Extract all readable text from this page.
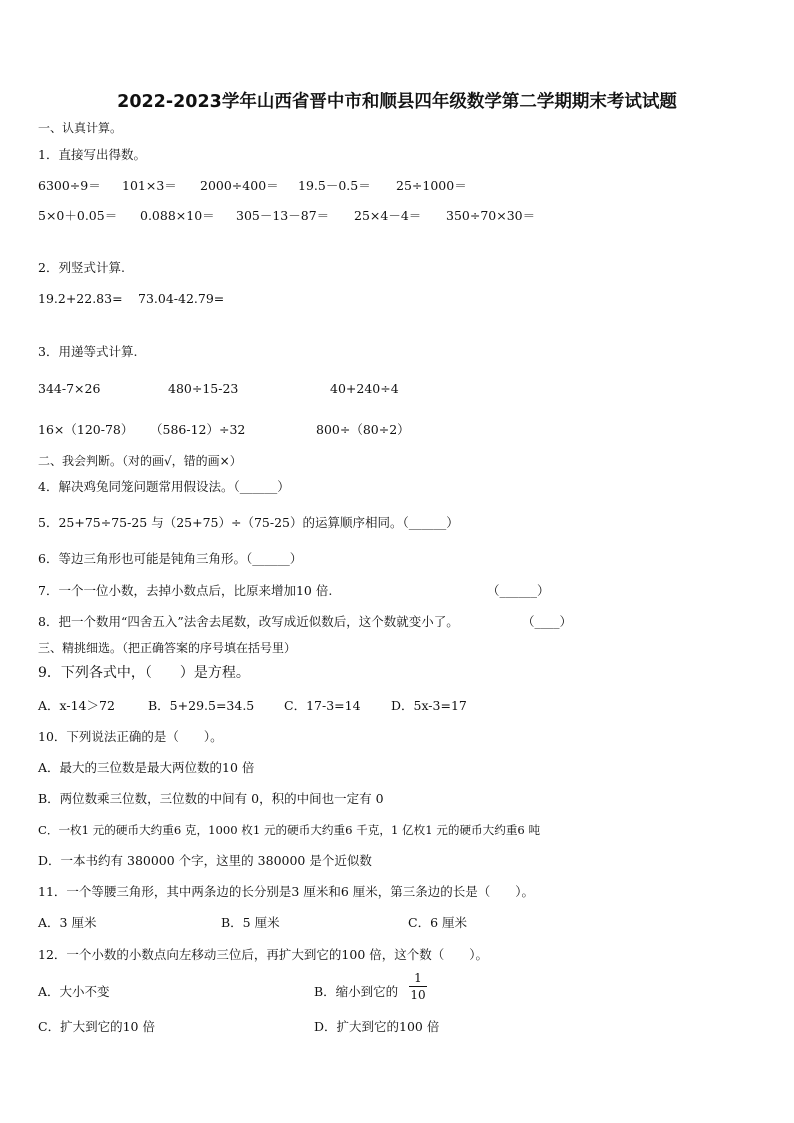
2022-2023学年山西省晋中市和顺县四年级数学第二学期期末考试试题
一、认真计算。
1．直接写出得数。
6300÷9＝ 101×3＝ 2000÷400＝ 19.5－0.5＝ 25÷1000＝
5×0＋0.05＝ 0.088×10＝ 305－13－87＝ 25×4－4＝ 350÷70×30＝
2．列竖式计算.
19.2+22.83= 73.04-42.79=
3．用递等式计算.
344-7×26	480÷15-23	40+240÷4
16×（120-78） （586-12）÷32	800÷（80÷2）
二、我会判断。（对的画√，错的画×）
4．解决鸡兔同笼问题常用假设法。（______）
5．25+75÷75-25 与（25+75）÷（75-25）的运算顺序相同。（______）
6．等边三角形也可能是钝角三角形。（______）
7．一个一位小数，去掉小数点后，比原来增加10 倍.	（______）
8．把一个数用“四舍五入”法舍去尾数，改写成近似数后，这个数就变小了。	（____）
三、精挑细选。（把正确答案的序号填在括号里）
9．下列各式中，（　　）是方程。
A．x-14＞72	B．5+29.5=34.5 C．17-3=14 D．5x-3=17
10．下列说法正确的是（　　）。
A．最大的三位数是最大两位数的10 倍
B．两位数乘三位数，三位数的中间有 0，积的中间也一定有 0
C．一枚1 元的硬币大约重6 克，1000 枚1 元的硬币大约重6 千克，1 亿枚1 元的硬币大约重6 吨
D．一本书约有 380000 个字，这里的 380000 是个近似数
11．一个等腰三角形，其中两条边的长分别是3 厘米和6 厘米，第三条边的长是（　　）。
A．3 厘米	B．5 厘米	C．6 厘米
12．一个小数的小数点向左移动三位后，再扩大到它的100 倍，这个数（　　）。
A．大小不变	B．缩小到它的
1
10
C．扩大到它的10 倍	D．扩大到它的100 倍
